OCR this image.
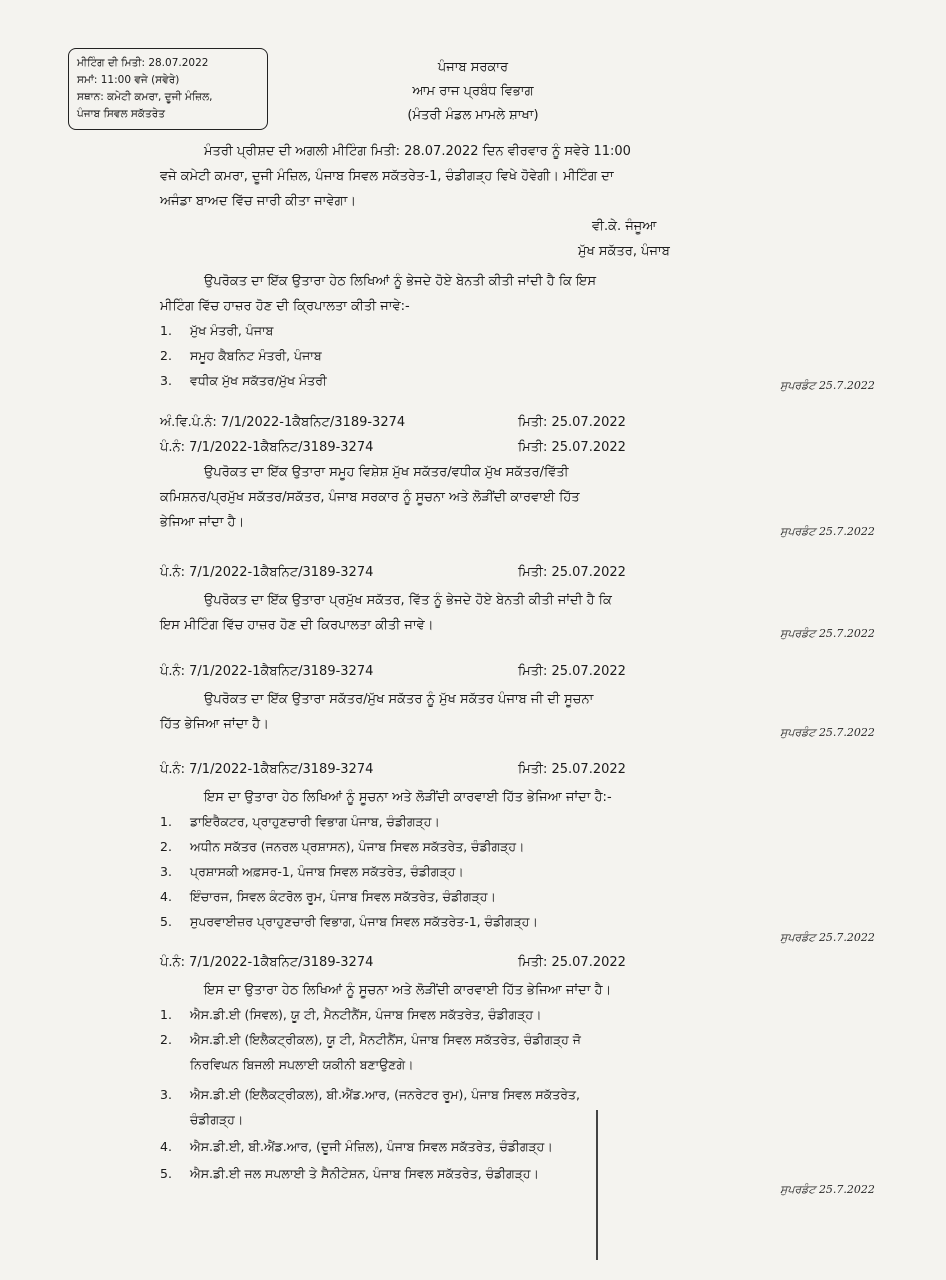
ਮੀਟਿੰਗ ਦੀ ਮਿਤੀ: 28.07.2022
ਸਮਾਂ: 11:00 ਵਜੇ (ਸਵੇਰੇ)
ਸਥਾਨ: ਕਮੇਟੀ ਕਮਰਾ, ਦੂਜੀ ਮੰਜ਼ਿਲ,
ਪੰਜਾਬ ਸਿਵਲ ਸਕੱਤਰੇਤ
ਪੰਜਾਬ ਸਰਕਾਰ
ਆਮ ਰਾਜ ਪ੍ਰਬੰਧ ਵਿਭਾਗ
(ਮੰਤਰੀ ਮੰਡਲ ਮਾਮਲੇ ਸ਼ਾਖਾ)
ਮੰਤਰੀ ਪ੍ਰੀਸ਼ਦ ਦੀ ਅਗਲੀ ਮੀਟਿੰਗ ਮਿਤੀ: 28.07.2022 ਦਿਨ ਵੀਰਵਾਰ ਨੂੰ ਸਵੇਰੇ 11:00
ਵਜੇ ਕਮੇਟੀ ਕਮਰਾ, ਦੂਜੀ ਮੰਜ਼ਿਲ, ਪੰਜਾਬ ਸਿਵਲ ਸਕੱਤਰੇਤ-1, ਚੰਡੀਗੜ੍ਹ ਵਿਖੇ ਹੋਵੇਗੀ। ਮੀਟਿੰਗ ਦਾ
ਅਜੰਡਾ ਬਾਅਦ ਵਿੱਚ ਜਾਰੀ ਕੀਤਾ ਜਾਵੇਗਾ।
ਵੀ.ਕੇ. ਜੰਜੂਆ
ਮੁੱਖ ਸਕੱਤਰ, ਪੰਜਾਬ
ਉਪਰੋਕਤ ਦਾ ਇੱਕ ਉਤਾਰਾ ਹੇਠ ਲਿਖਿਆਂ ਨੂੰ ਭੇਜਦੇ ਹੋਏ ਬੇਨਤੀ ਕੀਤੀ ਜਾਂਦੀ ਹੈ ਕਿ ਇਸ
ਮੀਟਿੰਗ ਵਿੱਚ ਹਾਜ਼ਰ ਹੋਣ ਦੀ ਕ੍ਰਿਪਾਲਤਾ ਕੀਤੀ ਜਾਵੇ:-
1. ਮੁੱਖ ਮੰਤਰੀ, ਪੰਜਾਬ
2. ਸਮੂਹ ਕੈਬਨਿਟ ਮੰਤਰੀ, ਪੰਜਾਬ
3. ਵਧੀਕ ਮੁੱਖ ਸਕੱਤਰ/ਮੁੱਖ ਮੰਤਰੀ	ਸੁਪਰਡੰਟ 25.7.2022
ਅੰ.ਵਿ.ਪੰ.ਨੰ: 7/1/2022-1ਕੈਬਨਿਟ/3189-3274	ਮਿਤੀ: 25.07.2022
ਪੰ.ਨੰ: 7/1/2022-1ਕੈਬਨਿਟ/3189-3274	ਮਿਤੀ: 25.07.2022
ਉਪਰੋਕਤ ਦਾ ਇੱਕ ਉਤਾਰਾ ਸਮੂਹ ਵਿਸ਼ੇਸ਼ ਮੁੱਖ ਸਕੱਤਰ/ਵਧੀਕ ਮੁੱਖ ਸਕੱਤਰ/ਵਿੱਤੀ
ਕਮਿਸ਼ਨਰ/ਪ੍ਰਮੁੱਖ ਸਕੱਤਰ/ਸਕੱਤਰ, ਪੰਜਾਬ ਸਰਕਾਰ ਨੂੰ ਸੂਚਨਾ ਅਤੇ ਲੋੜੀਂਦੀ ਕਾਰਵਾਈ ਹਿੱਤ
ਭੇਜਿਆ ਜਾਂਦਾ ਹੈ।
ਸੁਪਰਡੰਟ 25.7.2022
ਪੰ.ਨੰ: 7/1/2022-1ਕੈਬਨਿਟ/3189-3274	ਮਿਤੀ: 25.07.2022
ਉਪਰੋਕਤ ਦਾ ਇੱਕ ਉਤਾਰਾ ਪ੍ਰਮੁੱਖ ਸਕੱਤਰ, ਵਿੱਤ ਨੂੰ ਭੇਜਦੇ ਹੋਏ ਬੇਨਤੀ ਕੀਤੀ ਜਾਂਦੀ ਹੈ ਕਿ
ਇਸ ਮੀਟਿੰਗ ਵਿੱਚ ਹਾਜ਼ਰ ਹੋਣ ਦੀ ਕਿਰਪਾਲਤਾ ਕੀਤੀ ਜਾਵੇ।
ਸੁਪਰਡੰਟ 25.7.2022
ਪੰ.ਨੰ: 7/1/2022-1ਕੈਬਨਿਟ/3189-3274	ਮਿਤੀ: 25.07.2022
ਉਪਰੋਕਤ ਦਾ ਇੱਕ ਉਤਾਰਾ ਸਕੱਤਰ/ਮੁੱਖ ਸਕੱਤਰ ਨੂੰ ਮੁੱਖ ਸਕੱਤਰ ਪੰਜਾਬ ਜੀ ਦੀ ਸੂਚਨਾ
ਹਿੱਤ ਭੇਜਿਆ ਜਾਂਦਾ ਹੈ।
ਸੁਪਰਡੰਟ 25.7.2022
ਪੰ.ਨੰ: 7/1/2022-1ਕੈਬਨਿਟ/3189-3274	ਮਿਤੀ: 25.07.2022
ਇਸ ਦਾ ਉਤਾਰਾ ਹੇਠ ਲਿਖਿਆਂ ਨੂੰ ਸੂਚਨਾ ਅਤੇ ਲੋੜੀਂਦੀ ਕਾਰਵਾਈ ਹਿੱਤ ਭੇਜਿਆ ਜਾਂਦਾ ਹੈ:-
1. ਡਾਇਰੈਕਟਰ, ਪ੍ਰਾਹੁਣਚਾਰੀ ਵਿਭਾਗ ਪੰਜਾਬ, ਚੰਡੀਗੜ੍ਹ।
2. ਅਧੀਨ ਸਕੱਤਰ (ਜਨਰਲ ਪ੍ਰਸ਼ਾਸਨ), ਪੰਜਾਬ ਸਿਵਲ ਸਕੱਤਰੇਤ, ਚੰਡੀਗੜ੍ਹ।
3. ਪ੍ਰਸ਼ਾਸਕੀ ਅਫ਼ਸਰ-1, ਪੰਜਾਬ ਸਿਵਲ ਸਕੱਤਰੇਤ, ਚੰਡੀਗੜ੍ਹ।
4. ਇੰਚਾਰਜ, ਸਿਵਲ ਕੰਟਰੋਲ ਰੂਮ, ਪੰਜਾਬ ਸਿਵਲ ਸਕੱਤਰੇਤ, ਚੰਡੀਗੜ੍ਹ।
5. ਸੁਪਰਵਾਈਜ਼ਰ ਪ੍ਰਾਹੁਣਚਾਰੀ ਵਿਭਾਗ, ਪੰਜਾਬ ਸਿਵਲ ਸਕੱਤਰੇਤ-1, ਚੰਡੀਗੜ੍ਹ।
ਸੁਪਰਡੰਟ 25.7.2022
ਪੰ.ਨੰ: 7/1/2022-1ਕੈਬਨਿਟ/3189-3274	ਮਿਤੀ: 25.07.2022
ਇਸ ਦਾ ਉਤਾਰਾ ਹੇਠ ਲਿਖਿਆਂ ਨੂੰ ਸੂਚਨਾ ਅਤੇ ਲੋੜੀਂਦੀ ਕਾਰਵਾਈ ਹਿੱਤ ਭੇਜਿਆ ਜਾਂਦਾ ਹੈ।
1. ਐਸ.ਡੀ.ਈ (ਸਿਵਲ), ਯੂ ਟੀ, ਮੈਨਟੀਨੈਂਸ, ਪੰਜਾਬ ਸਿਵਲ ਸਕੱਤਰੇਤ, ਚੰਡੀਗੜ੍ਹ।
2. ਐਸ.ਡੀ.ਈ (ਇਲੈਕਟ੍ਰੀਕਲ), ਯੂ ਟੀ, ਮੈਨਟੀਨੈਂਸ, ਪੰਜਾਬ ਸਿਵਲ ਸਕੱਤਰੇਤ, ਚੰਡੀਗੜ੍ਹ ਜੋ
ਨਿਰਵਿਘਨ ਬਿਜਲੀ ਸਪਲਾਈ ਯਕੀਨੀ ਬਣਾਉਣਗੇ।
3. ਐਸ.ਡੀ.ਈ (ਇਲੈਕਟ੍ਰੀਕਲ), ਬੀ.ਐਂਡ.ਆਰ, (ਜਨਰੇਟਰ ਰੂਮ), ਪੰਜਾਬ ਸਿਵਲ ਸਕੱਤਰੇਤ,
ਚੰਡੀਗੜ੍ਹ।
4. ਐਸ.ਡੀ.ਈ, ਬੀ.ਐਂਡ.ਆਰ, (ਦੂਜੀ ਮੰਜ਼ਿਲ), ਪੰਜਾਬ ਸਿਵਲ ਸਕੱਤਰੇਤ, ਚੰਡੀਗੜ੍ਹ।
5. ਐਸ.ਡੀ.ਈ ਜਲ ਸਪਲਾਈ ਤੇ ਸੈਨੀਟੇਸ਼ਨ, ਪੰਜਾਬ ਸਿਵਲ ਸਕੱਤਰੇਤ, ਚੰਡੀਗੜ੍ਹ।
ਸੁਪਰਡੰਟ 25.7.2022
